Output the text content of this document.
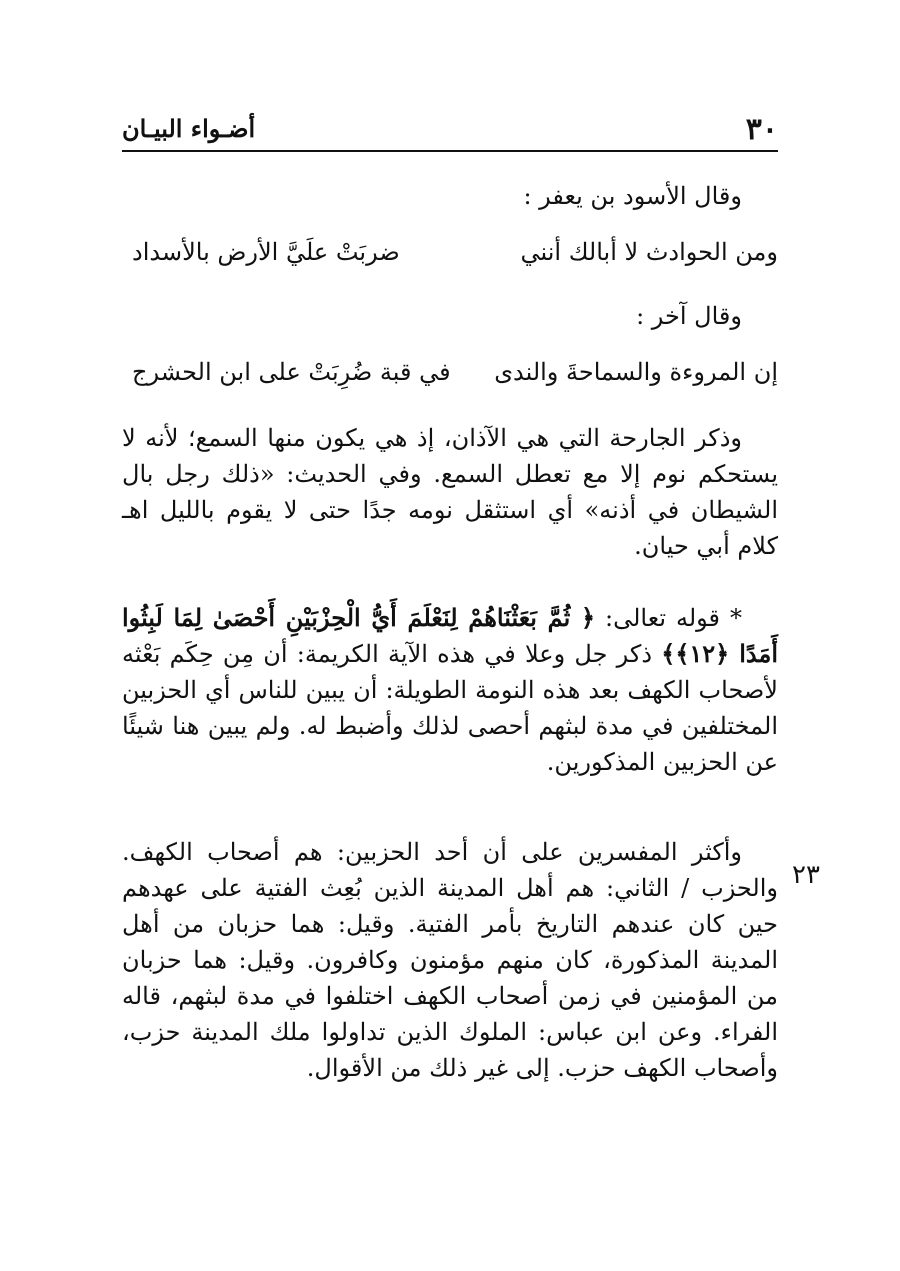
٣٠
أضـواء البيـان
وقال الأسود بن يعفر :
ومن الحوادث لا أبالك أنني
ضربَتْ علَيَّ الأرض بالأسداد
وقال آخر :
إن المروءة والسماحةَ والندى
في قبة ضُرِبَتْ على ابن الحشرج
وذكر الجارحة التي هي الآذان، إذ هي يكون منها السمع؛ لأنه لا يستحكم نوم إلا مع تعطل السمع. وفي الحديث: «ذلك رجل بال الشيطان في أذنه» أي استثقل نومه جدًا حتى لا يقوم بالليل اهـ كلام أبي حيان.
* قوله تعالى: ﴿ ثُمَّ بَعَثْنَاهُمْ لِنَعْلَمَ أَيُّ الْحِزْبَيْنِ أَحْصَىٰ لِمَا لَبِثُوا أَمَدًا ﴿١٢﴾﴾ ذكر جل وعلا في هذه الآية الكريمة: أن مِن حِكَم بَعْثه لأصحاب الكهف بعد هذه النومة الطويلة: أن يبين للناس أي الحزبين المختلفين في مدة لبثهم أحصى لذلك وأضبط له. ولم يبين هنا شيئًا عن الحزبين المذكورين.
وأكثر المفسرين على أن أحد الحزبين: هم أصحاب الكهف. والحزب / الثاني: هم أهل المدينة الذين بُعِث الفتية على عهدهم حين كان عندهم التاريخ بأمر الفتية. وقيل: هما حزبان من أهل المدينة المذكورة، كان منهم مؤمنون وكافرون. وقيل: هما حزبان من المؤمنين في زمن أصحاب الكهف اختلفوا في مدة لبثهم، قاله الفراء. وعن ابن عباس: الملوك الذين تداولوا ملك المدينة حزب، وأصحاب الكهف حزب. إلى غير ذلك من الأقوال.
٢٣
